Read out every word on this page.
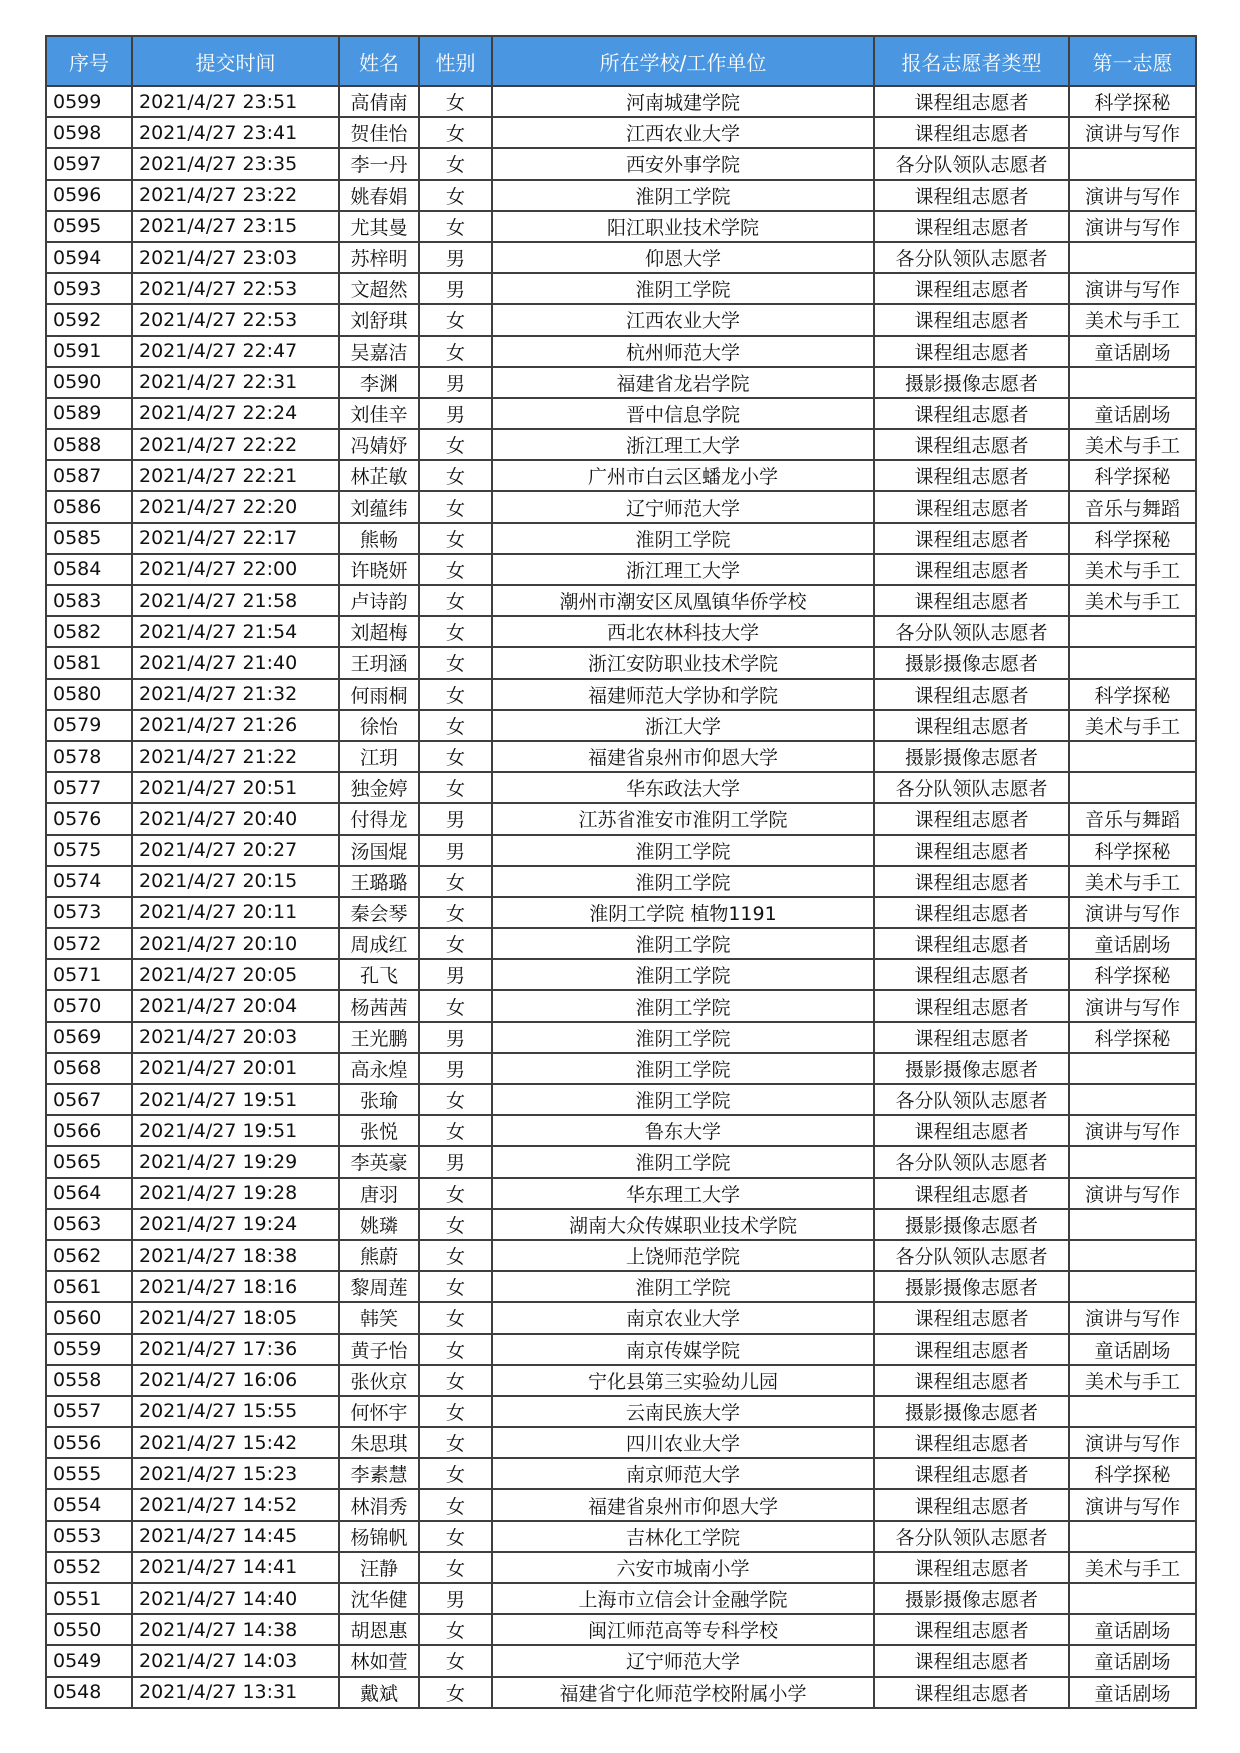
序号	提交时间	姓名	性别	所在学校/工作单位	报名志愿者类型	第一志愿
0599	2021/4/27 23:51	高倩南	女	河南城建学院	课程组志愿者	科学探秘
0598	2021/4/27 23:41	贺佳怡	女	江西农业大学	课程组志愿者	演讲与写作
0597	2021/4/27 23:35	李一丹	女	西安外事学院	各分队领队志愿者	
0596	2021/4/27 23:22	姚春娟	女	淮阴工学院	课程组志愿者	演讲与写作
0595	2021/4/27 23:15	尤其曼	女	阳江职业技术学院	课程组志愿者	演讲与写作
0594	2021/4/27 23:03	苏梓明	男	仰恩大学	各分队领队志愿者	
0593	2021/4/27 22:53	文超然	男	淮阴工学院	课程组志愿者	演讲与写作
0592	2021/4/27 22:53	刘舒琪	女	江西农业大学	课程组志愿者	美术与手工
0591	2021/4/27 22:47	吴嘉洁	女	杭州师范大学	课程组志愿者	童话剧场
0590	2021/4/27 22:31	李渊	男	福建省龙岩学院	摄影摄像志愿者	
0589	2021/4/27 22:24	刘佳辛	男	晋中信息学院	课程组志愿者	童话剧场
0588	2021/4/27 22:22	冯婧妤	女	浙江理工大学	课程组志愿者	美术与手工
0587	2021/4/27 22:21	林芷敏	女	广州市白云区蟠龙小学	课程组志愿者	科学探秘
0586	2021/4/27 22:20	刘蕴纬	女	辽宁师范大学	课程组志愿者	音乐与舞蹈
0585	2021/4/27 22:17	熊畅	女	淮阴工学院	课程组志愿者	科学探秘
0584	2021/4/27 22:00	许晓妍	女	浙江理工大学	课程组志愿者	美术与手工
0583	2021/4/27 21:58	卢诗韵	女	潮州市潮安区凤凰镇华侨学校	课程组志愿者	美术与手工
0582	2021/4/27 21:54	刘超梅	女	西北农林科技大学	各分队领队志愿者	
0581	2021/4/27 21:40	王玥涵	女	浙江安防职业技术学院	摄影摄像志愿者	
0580	2021/4/27 21:32	何雨桐	女	福建师范大学协和学院	课程组志愿者	科学探秘
0579	2021/4/27 21:26	徐怡	女	浙江大学	课程组志愿者	美术与手工
0578	2021/4/27 21:22	江玥	女	福建省泉州市仰恩大学	摄影摄像志愿者	
0577	2021/4/27 20:51	独金婷	女	华东政法大学	各分队领队志愿者	
0576	2021/4/27 20:40	付得龙	男	江苏省淮安市淮阴工学院	课程组志愿者	音乐与舞蹈
0575	2021/4/27 20:27	汤国焜	男	淮阴工学院	课程组志愿者	科学探秘
0574	2021/4/27 20:15	王璐璐	女	淮阴工学院	课程组志愿者	美术与手工
0573	2021/4/27 20:11	秦会琴	女	淮阴工学院 植物1191	课程组志愿者	演讲与写作
0572	2021/4/27 20:10	周成红	女	淮阴工学院	课程组志愿者	童话剧场
0571	2021/4/27 20:05	孔飞	男	淮阴工学院	课程组志愿者	科学探秘
0570	2021/4/27 20:04	杨茜茜	女	淮阴工学院	课程组志愿者	演讲与写作
0569	2021/4/27 20:03	王光鹏	男	淮阴工学院	课程组志愿者	科学探秘
0568	2021/4/27 20:01	高永煌	男	淮阴工学院	摄影摄像志愿者	
0567	2021/4/27 19:51	张瑜	女	淮阴工学院	各分队领队志愿者	
0566	2021/4/27 19:51	张悦	女	鲁东大学	课程组志愿者	演讲与写作
0565	2021/4/27 19:29	李英豪	男	淮阴工学院	各分队领队志愿者	
0564	2021/4/27 19:28	唐羽	女	华东理工大学	课程组志愿者	演讲与写作
0563	2021/4/27 19:24	姚璘	女	湖南大众传媒职业技术学院	摄影摄像志愿者	
0562	2021/4/27 18:38	熊蔚	女	上饶师范学院	各分队领队志愿者	
0561	2021/4/27 18:16	黎周莲	女	淮阴工学院	摄影摄像志愿者	
0560	2021/4/27 18:05	韩笑	女	南京农业大学	课程组志愿者	演讲与写作
0559	2021/4/27 17:36	黄子怡	女	南京传媒学院	课程组志愿者	童话剧场
0558	2021/4/27 16:06	张伙京	女	宁化县第三实验幼儿园	课程组志愿者	美术与手工
0557	2021/4/27 15:55	何怀宇	女	云南民族大学	摄影摄像志愿者	
0556	2021/4/27 15:42	朱思琪	女	四川农业大学	课程组志愿者	演讲与写作
0555	2021/4/27 15:23	李素慧	女	南京师范大学	课程组志愿者	科学探秘
0554	2021/4/27 14:52	林涓秀	女	福建省泉州市仰恩大学	课程组志愿者	演讲与写作
0553	2021/4/27 14:45	杨锦帆	女	吉林化工学院	各分队领队志愿者	
0552	2021/4/27 14:41	汪静	女	六安市城南小学	课程组志愿者	美术与手工
0551	2021/4/27 14:40	沈华健	男	上海市立信会计金融学院	摄影摄像志愿者	
0550	2021/4/27 14:38	胡恩惠	女	闽江师范高等专科学校	课程组志愿者	童话剧场
0549	2021/4/27 14:03	林如萱	女	辽宁师范大学	课程组志愿者	童话剧场
0548	2021/4/27 13:31	戴斌	女	福建省宁化师范学校附属小学	课程组志愿者	童话剧场
